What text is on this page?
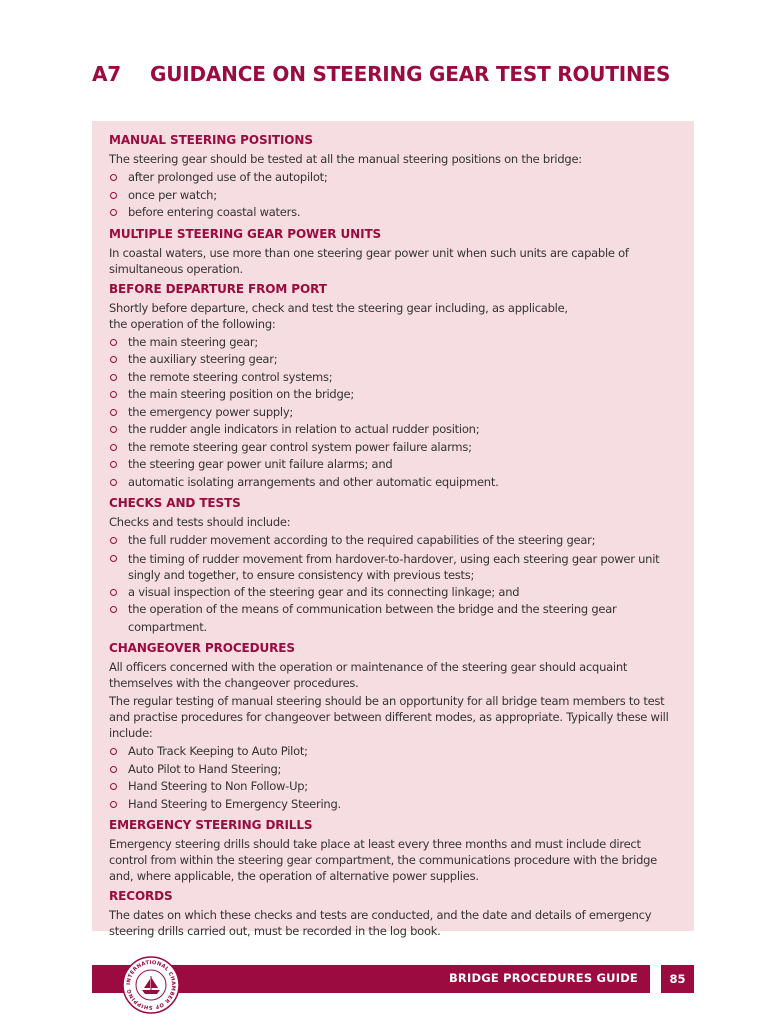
A7 GUIDANCE ON STEERING GEAR TEST ROUTINES
MANUAL STEERING POSITIONS

The steering gear should be tested at all the manual steering positions on the bridge:

after prolonged use of the autopilot;
once per watch;
before entering coastal waters.
MULTIPLE STEERING GEAR POWER UNITS

In coastal waters, use more than one steering gear power unit when such units are capable of simultaneous operation.

BEFORE DEPARTURE FROM PORT

Shortly before departure, check and test the steering gear including, as applicable,
the operation of the following:

the main steering gear;
the auxiliary steering gear;
the remote steering control systems;
the main steering position on the bridge;
the emergency power supply;
the rudder angle indicators in relation to actual rudder position;
the remote steering gear control system power failure alarms;
the steering gear power unit failure alarms; and
automatic isolating arrangements and other automatic equipment.
CHECKS AND TESTS

Checks and tests should include:

the full rudder movement according to the required capabilities of the steering gear;
the timing of rudder movement from hardover-to-hardover, using each steering gear power unit singly and together, to ensure consistency with previous tests;
a visual inspection of the steering gear and its connecting linkage; and
the operation of the means of communication between the bridge and the steering gear compartment.
CHANGEOVER PROCEDURES

All officers concerned with the operation or maintenance of the steering gear should acquaint themselves with the changeover procedures.

The regular testing of manual steering should be an opportunity for all bridge team members to test and practise procedures for changeover between different modes, as appropriate. Typically these will include:

Auto Track Keeping to Auto Pilot;
Auto Pilot to Hand Steering;
Hand Steering to Non Follow-Up;
Hand Steering to Emergency Steering.
EMERGENCY STEERING DRILLS

Emergency steering drills should take place at least every three months and must include direct control from within the steering gear compartment, the communications procedure with the bridge and, where applicable, the operation of alternative power supplies.

RECORDS

The dates on which these checks and tests are conducted, and the date and details of emergency steering drills carried out, must be recorded in the log book.

BRIDGE PROCEDURES GUIDE	85
INTERNATIONAL CHAMBER OF SHIPPING
